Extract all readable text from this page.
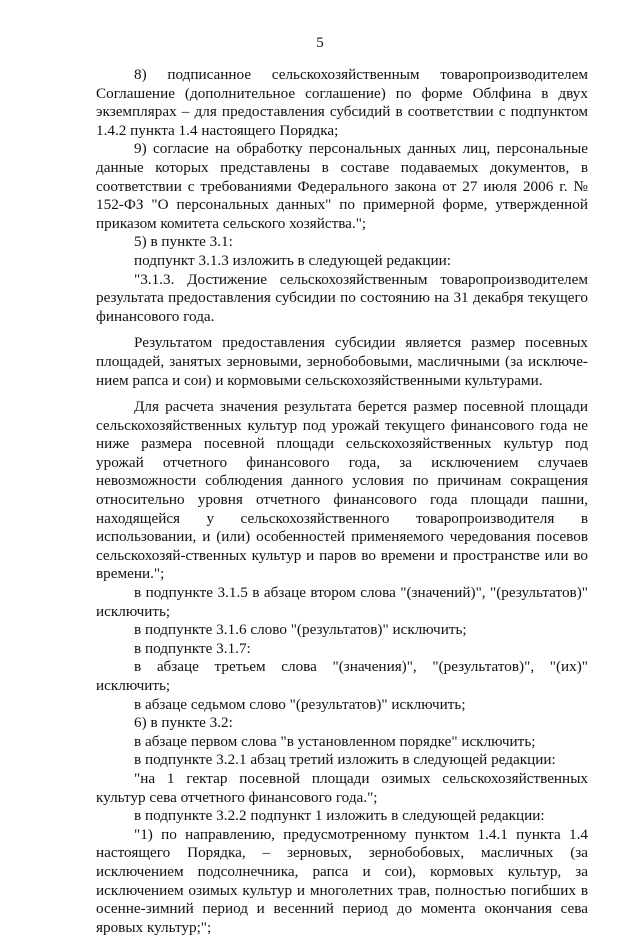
5

8) подписанное сельскохозяйственным товаропроизводителем Соглашение (дополнительное соглашение) по форме Облфина в двух экземплярах – для предоставления субсидий в соответствии с подпунктом 1.4.2 пункта 1.4 настоящего Порядка;

9) согласие на обработку персональных данных лиц, персональные данные которых представлены в составе подаваемых документов, в соответствии с требованиями Федерального закона от 27 июля 2006 г. № 152-ФЗ "О персональных данных" по примерной форме, утвержденной приказом комитета сельского хозяйства.";

5) в пункте 3.1:

подпункт 3.1.3 изложить в следующей редакции:

"3.1.3. Достижение сельскохозяйственным товаропроизводителем результата предоставления субсидии по состоянию на 31 декабря текущего финансового года.

Результатом предоставления субсидии является размер посевных площадей, занятых зерновыми, зернобобовыми, масличными (за исключе-нием рапса и сои) и кормовыми сельскохозяйственными культурами.

Для расчета значения результата берется размер посевной площади сельскохозяйственных культур под урожай текущего финансового года не ниже размера посевной площади сельскохозяйственных культур под урожай отчетного финансового года, за исключением случаев невозможности соблюдения данного условия по причинам сокращения относительно уровня отчетного финансового года площади пашни, находящейся у сельскохозяйственного товаропроизводителя в использовании, и (или) особенностей применяемого чередования посевов сельскохозяй-ственных культур и паров во времени и пространстве или во времени.";

в подпункте 3.1.5 в абзаце втором слова "(значений)", "(результатов)" исключить;

в подпункте 3.1.6 слово "(результатов)" исключить;

в подпункте 3.1.7:

в абзаце третьем слова "(значения)", "(результатов)", "(их)" исключить;

в абзаце седьмом слово "(результатов)" исключить;

6) в пункте 3.2:

в абзаце первом слова "в установленном порядке" исключить;

в подпункте 3.2.1 абзац третий изложить в следующей редакции:

"на 1 гектар посевной площади озимых сельскохозяйственных культур сева отчетного финансового года.";

в подпункте 3.2.2 подпункт 1 изложить в следующей редакции:

"1) по направлению, предусмотренному пунктом 1.4.1 пункта 1.4 настоящего Порядка, – зерновых, зернобобовых, масличных (за исключением подсолнечника, рапса и сои), кормовых культур, за исключением озимых культур и многолетних трав, полностью погибших в осенне-зимний период и весенний период до момента окончания сева яровых культур;";
